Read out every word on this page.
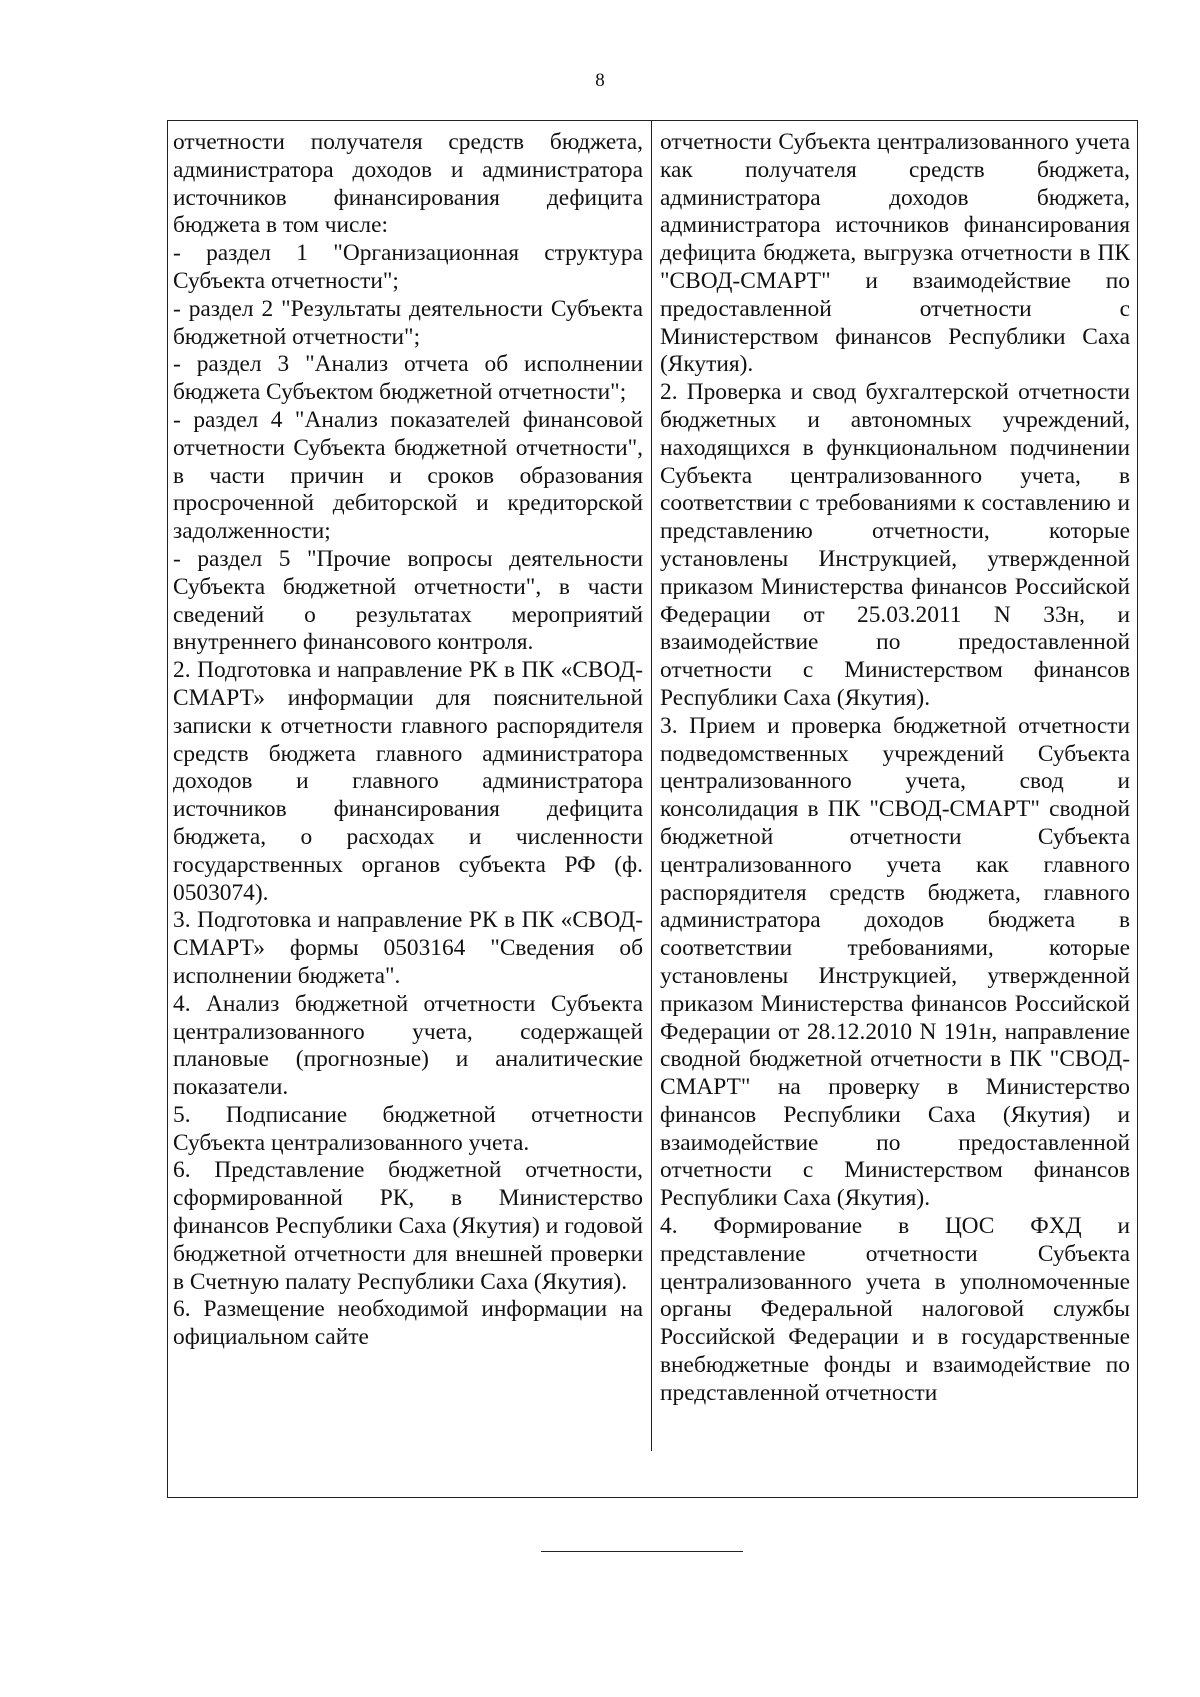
8

отчетности получателя средств бюджета, администратора доходов и администратора источников финансирования дефицита бюджета в том числе:

- раздел 1 "Организационная структура Субъекта отчетности";

- раздел 2 "Результаты деятельности Субъекта бюджетной отчетности";

- раздел 3 "Анализ отчета об исполнении бюджета Субъектом бюджетной отчетности";

- раздел 4 "Анализ показателей финансовой отчетности Субъекта бюджетной отчетности", в части причин и сроков образования просроченной дебиторской и кредиторской задолженности;

- раздел 5 "Прочие вопросы деятельности Субъекта бюджетной отчетности", в части сведений о результатах мероприятий внутреннего финансового контроля.

2. Подготовка и направление РК в ПК «СВОД-СМАРТ» информации для пояснительной записки к отчетности главного распорядителя средств бюджета главного администратора доходов и главного администратора источников финансирования дефицита бюджета, о расходах и численности государственных органов субъекта РФ (ф. 0503074).

3. Подготовка и направление РК в ПК «СВОД-СМАРТ» формы 0503164 "Сведения об исполнении бюджета".

4. Анализ бюджетной отчетности Субъекта централизованного учета, содержащей плановые (прогнозные) и аналитические показатели.

5. Подписание бюджетной отчетности Субъекта централизованного учета.

6. Представление бюджетной отчетности, сформированной РК, в Министерство финансов Республики Саха (Якутия) и годовой бюджетной отчетности для внешней проверки в Счетную палату Республики Саха (Якутия).

6. Размещение необходимой информации на официальном сайте

отчетности Субъекта централизованного учета как получателя средств бюджета, администратора доходов бюджета, администратора источников финансирования дефицита бюджета, выгрузка отчетности в ПК "СВОД-СМАРТ" и взаимодействие по предоставленной отчетности с Министерством финансов Республики Саха (Якутия).

2. Проверка и свод бухгалтерской отчетности бюджетных и автономных учреждений, находящихся в функциональном подчинении Субъекта централизованного учета, в соответствии с требованиями к составлению и представлению отчетности, которые установлены Инструкцией, утвержденной приказом Министерства финансов Российской Федерации от 25.03.2011 N 33н, и взаимодействие по предоставленной отчетности с Министерством финансов Республики Саха (Якутия).

3. Прием и проверка бюджетной отчетности подведомственных учреждений Субъекта централизованного учета, свод и консолидация в ПК "СВОД-СМАРТ" сводной бюджетной отчетности Субъекта централизованного учета как главного распорядителя средств бюджета, главного администратора доходов бюджета в соответствии требованиями, которые установлены Инструкцией, утвержденной приказом Министерства финансов Российской Федерации от 28.12.2010 N 191н, направление сводной бюджетной отчетности в ПК "СВОД-СМАРТ" на проверку в Министерство финансов Республики Саха (Якутия) и взаимодействие по предоставленной отчетности с Министерством финансов Республики Саха (Якутия).

4. Формирование в ЦОС ФХД и представление отчетности Субъекта централизованного учета в уполномоченные органы Федеральной налоговой службы Российской Федерации и в государственные внебюджетные фонды и взаимодействие по представленной отчетности
